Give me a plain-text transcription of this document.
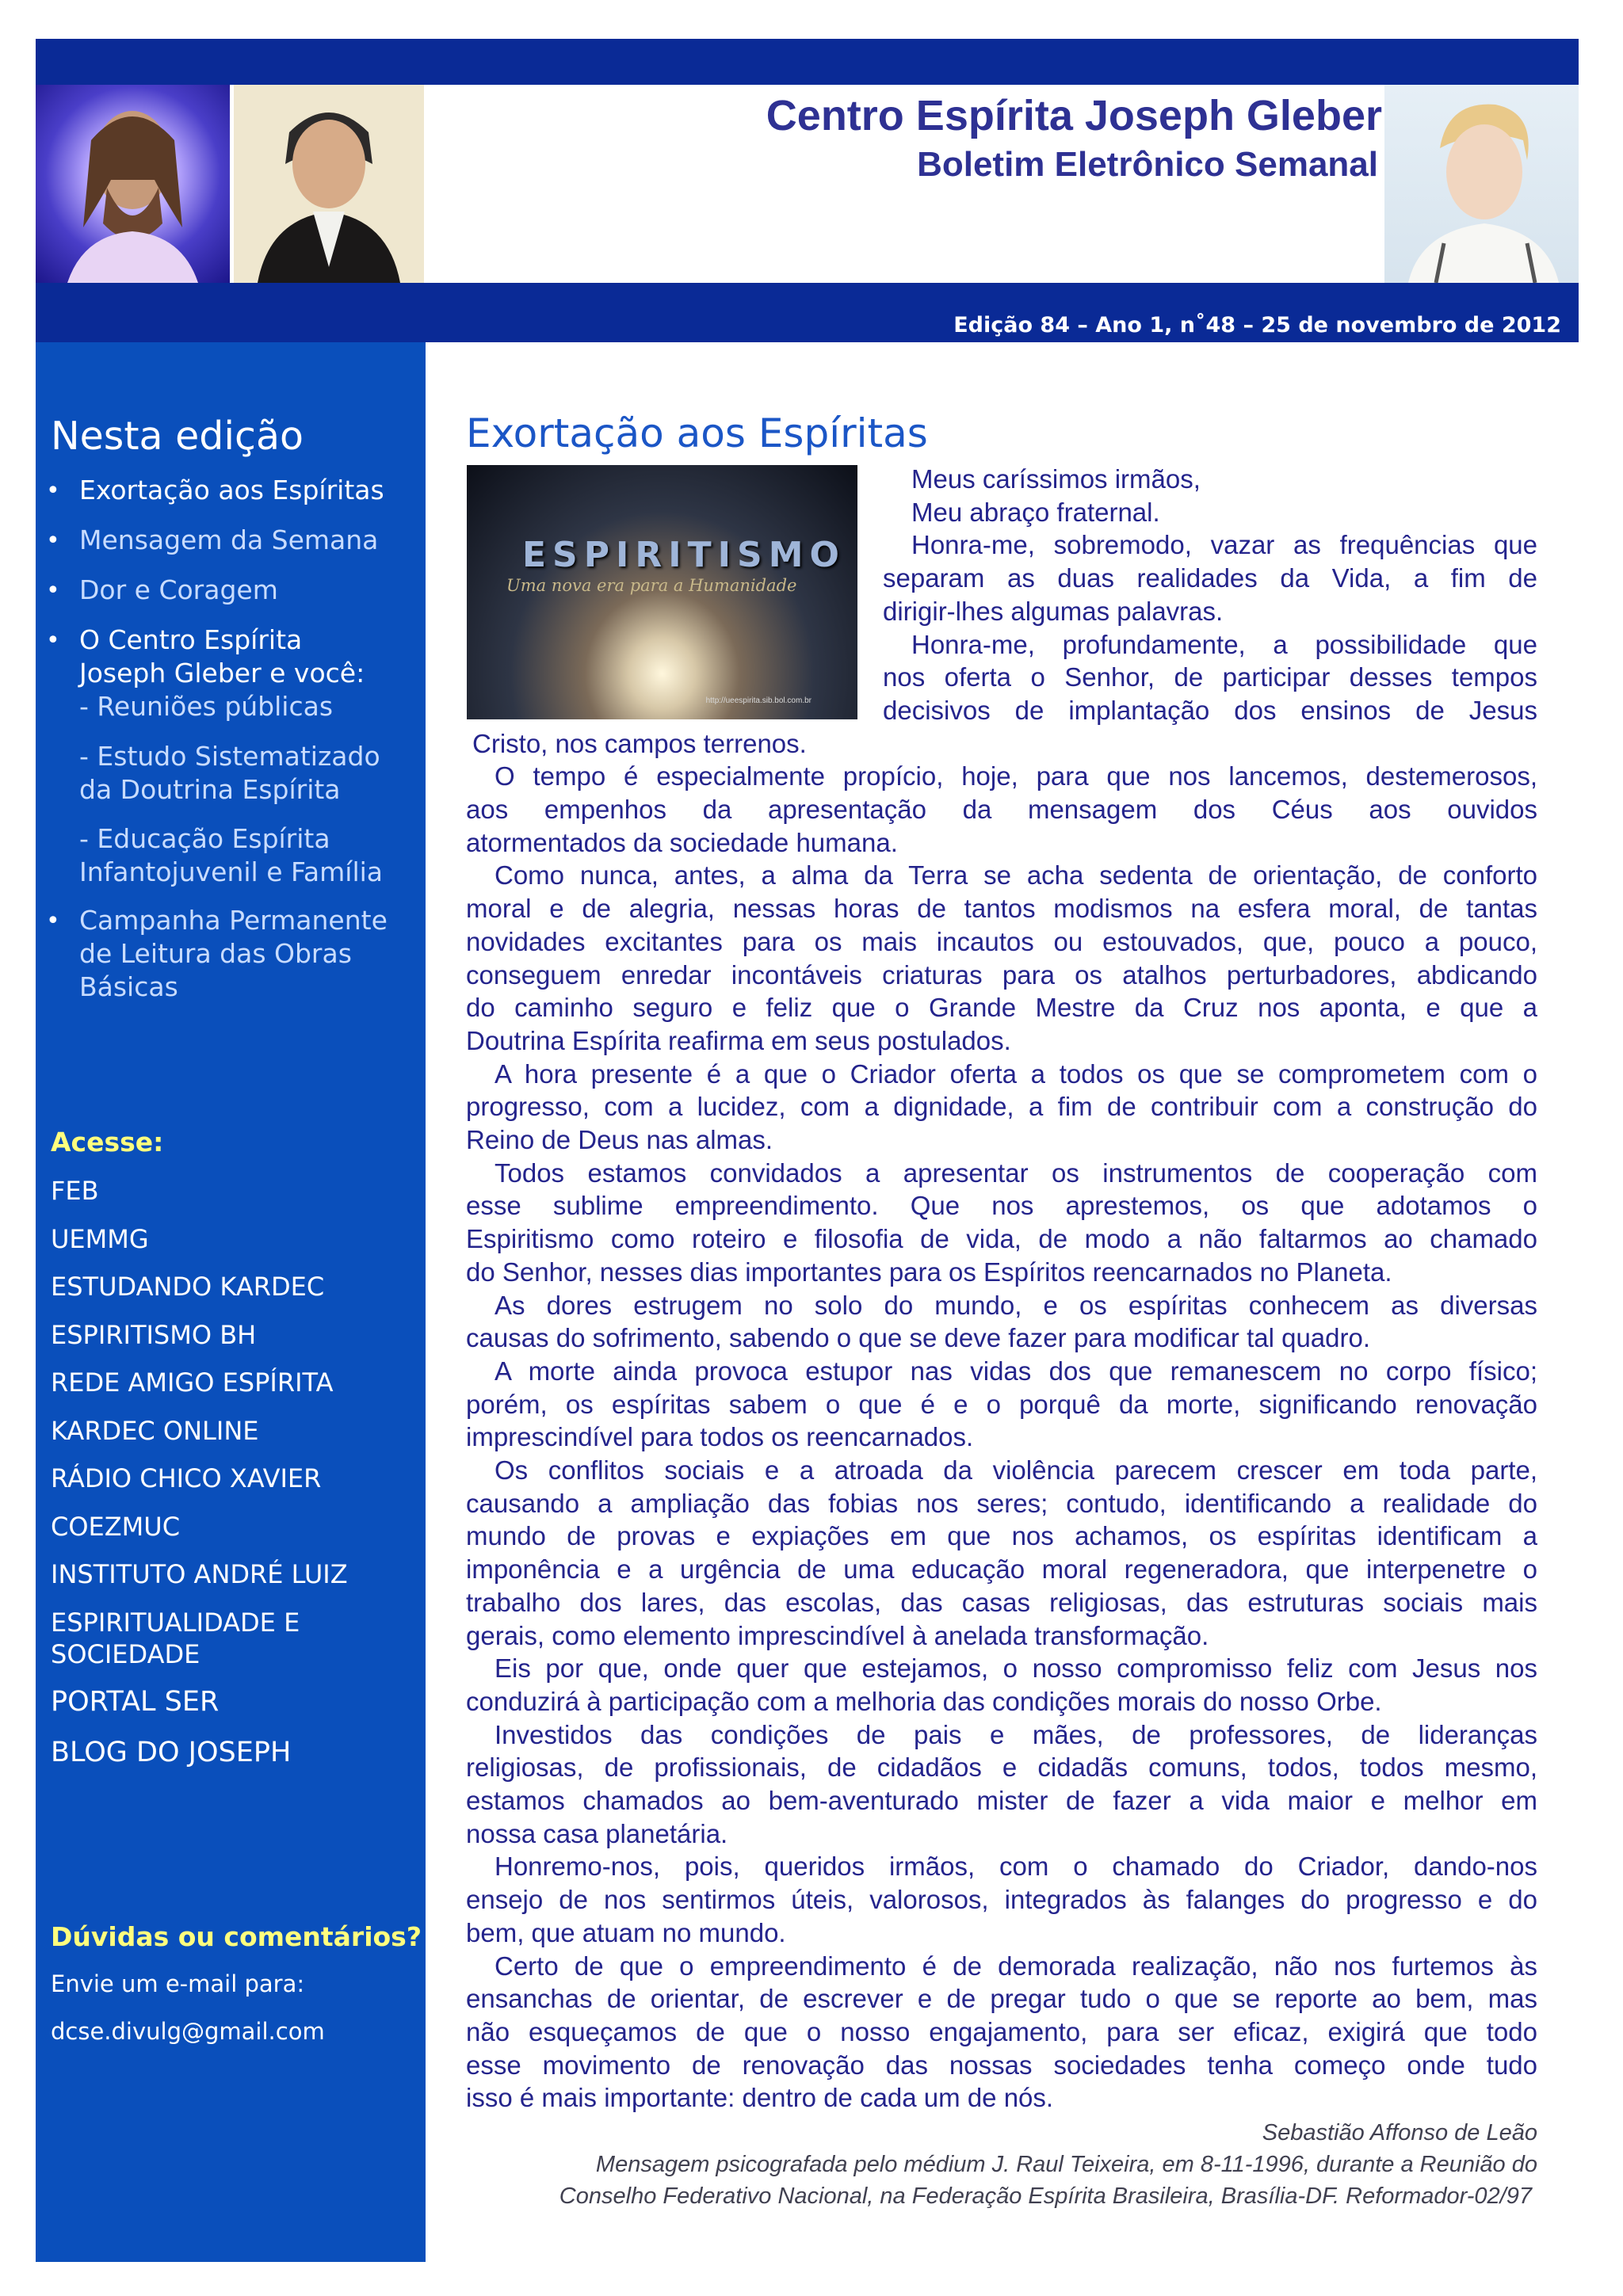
Centro Espírita Joseph Gleber
Boletim Eletrônico Semanal
Edição 84 – Ano 1, n˚48 – 25 de novembro de 2012
Nesta edição
• Exortação aos Espíritas
• Mensagem da Semana
• Dor e Coragem
• O Centro Espírita
Joseph Gleber e você:
- Reuniões públicas
- Estudo Sistematizado
da Doutrina Espírita
- Educação Espírita
Infantojuvenil e Família
• Campanha Permanente
de Leitura das Obras
Básicas
Acesse:
FEB
UEMMG
ESTUDANDO KARDEC
ESPIRITISMO BH
REDE AMIGO ESPÍRITA
KARDEC ONLINE
RÁDIO CHICO XAVIER
COEZMUC
INSTITUTO ANDRÉ LUIZ
ESPIRITUALIDADE E
SOCIEDADE
PORTAL SER
BLOG DO JOSEPH
Dúvidas ou comentários?
Envie um e-mail para:
dcse.divulg@gmail.com
Exortação aos Espíritas
ESPIRITISMO
Uma nova era para a Humanidade
http://ueespirita.sib.bol.com.br
Meus caríssimos irmãos,
Meu abraço fraternal.
Honra-me, sobremodo, vazar as frequências que
separam as duas realidades da Vida, a fim de
dirigir-lhes algumas palavras.
Honra-me, profundamente, a possibilidade que
nos oferta o Senhor, de participar desses tempos
decisivos de implantação dos ensinos de Jesus
Cristo, nos campos terrenos.
O tempo é especialmente propício, hoje, para que nos lancemos, destemerosos,
aos empenhos da apresentação da mensagem dos Céus aos ouvidos
atormentados da sociedade humana.
Como nunca, antes, a alma da Terra se acha sedenta de orientação, de conforto
moral e de alegria, nessas horas de tantos modismos na esfera moral, de tantas
novidades excitantes para os mais incautos ou estouvados, que, pouco a pouco,
conseguem enredar incontáveis criaturas para os atalhos perturbadores, abdicando
do caminho seguro e feliz que o Grande Mestre da Cruz nos aponta, e que a
Doutrina Espírita reafirma em seus postulados.
A hora presente é a que o Criador oferta a todos os que se comprometem com o
progresso, com a lucidez, com a dignidade, a fim de contribuir com a construção do
Reino de Deus nas almas.
Todos estamos convidados a apresentar os instrumentos de cooperação com
esse sublime empreendimento. Que nos aprestemos, os que adotamos o
Espiritismo como roteiro e filosofia de vida, de modo a não faltarmos ao chamado
do Senhor, nesses dias importantes para os Espíritos reencarnados no Planeta.
As dores estrugem no solo do mundo, e os espíritas conhecem as diversas
causas do sofrimento, sabendo o que se deve fazer para modificar tal quadro.
A morte ainda provoca estupor nas vidas dos que remanescem no corpo físico;
porém, os espíritas sabem o que é e o porquê da morte, significando renovação
imprescindível para todos os reencarnados.
Os conflitos sociais e a atroada da violência parecem crescer em toda parte,
causando a ampliação das fobias nos seres; contudo, identificando a realidade do
mundo de provas e expiações em que nos achamos, os espíritas identificam a
imponência e a urgência de uma educação moral regeneradora, que interpenetre o
trabalho dos lares, das escolas, das casas religiosas, das estruturas sociais mais
gerais, como elemento imprescindível à anelada transformação.
Eis por que, onde quer que estejamos, o nosso compromisso feliz com Jesus nos
conduzirá à participação com a melhoria das condições morais do nosso Orbe.
Investidos das condições de pais e mães, de professores, de lideranças
religiosas, de profissionais, de cidadãos e cidadãs comuns, todos, todos mesmo,
estamos chamados ao bem-aventurado mister de fazer a vida maior e melhor em
nossa casa planetária.
Honremo-nos, pois, queridos irmãos, com o chamado do Criador, dando-nos
ensejo de nos sentirmos úteis, valorosos, integrados às falanges do progresso e do
bem, que atuam no mundo.
Certo de que o empreendimento é de demorada realização, não nos furtemos às
ensanchas de orientar, de escrever e de pregar tudo o que se reporte ao bem, mas
não esqueçamos de que o nosso engajamento, para ser eficaz, exigirá que todo
esse movimento de renovação das nossas sociedades tenha começo onde tudo
isso é mais importante: dentro de cada um de nós.
Sebastião Affonso de Leão
Mensagem psicografada pelo médium J. Raul Teixeira, em 8-11-1996, durante a Reunião do
Conselho Federativo Nacional, na Federação Espírita Brasileira, Brasília-DF. Reformador-02/97
